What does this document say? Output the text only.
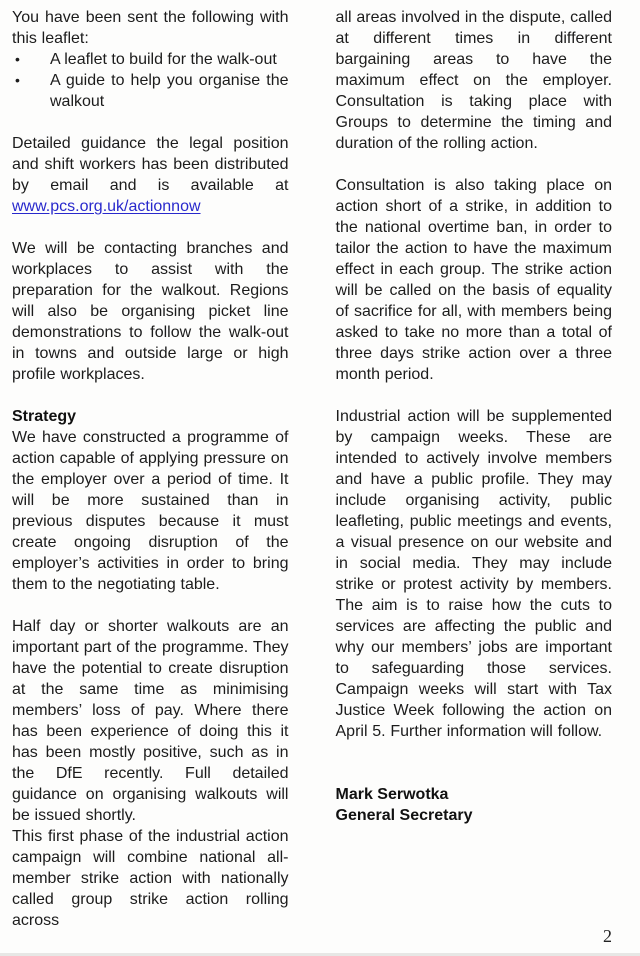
You have been sent the following with this leaflet:

• A leaflet to build for the walk-out
• A guide to help you organise the walkout

Detailed guidance the legal position and shift workers has been distributed by email and is available at www.pcs.org.uk/actionnow

We will be contacting branches and workplaces to assist with the preparation for the walkout. Regions will also be organising picket line demonstrations to follow the walk-out in towns and outside large or high profile workplaces.

Strategy

We have constructed a programme of action capable of applying pressure on the employer over a period of time. It will be more sustained than in previous disputes because it must create ongoing disruption of the employer’s activities in order to bring them to the negotiating table.

Half day or shorter walkouts are an important part of the programme. They have the potential to create disruption at the same time as minimising members’ loss of pay. Where there has been experience of doing this it has been mostly positive, such as in the DfE recently. Full detailed guidance on organising walkouts will be issued shortly.

This first phase of the industrial action campaign will combine national all-member strike action with nationally called group strike action rolling across

all areas involved in the dispute, called at different times in different bargaining areas to have the maximum effect on the employer. Consultation is taking place with Groups to determine the timing and duration of the rolling action.

Consultation is also taking place on action short of a strike, in addition to the national overtime ban, in order to tailor the action to have the maximum effect in each group. The strike action will be called on the basis of equality of sacrifice for all, with members being asked to take no more than a total of three days strike action over a three month period.

Industrial action will be supplemented by campaign weeks. These are intended to actively involve members and have a public profile. They may include organising activity, public leafleting, public meetings and events, a visual presence on our website and in social media. They may include strike or protest activity by members. The aim is to raise how the cuts to services are affecting the public and why our members’ jobs are important to safeguarding those services. Campaign weeks will start with Tax Justice Week following the action on April 5. Further information will follow.

Mark Serwotka
General Secretary
2
